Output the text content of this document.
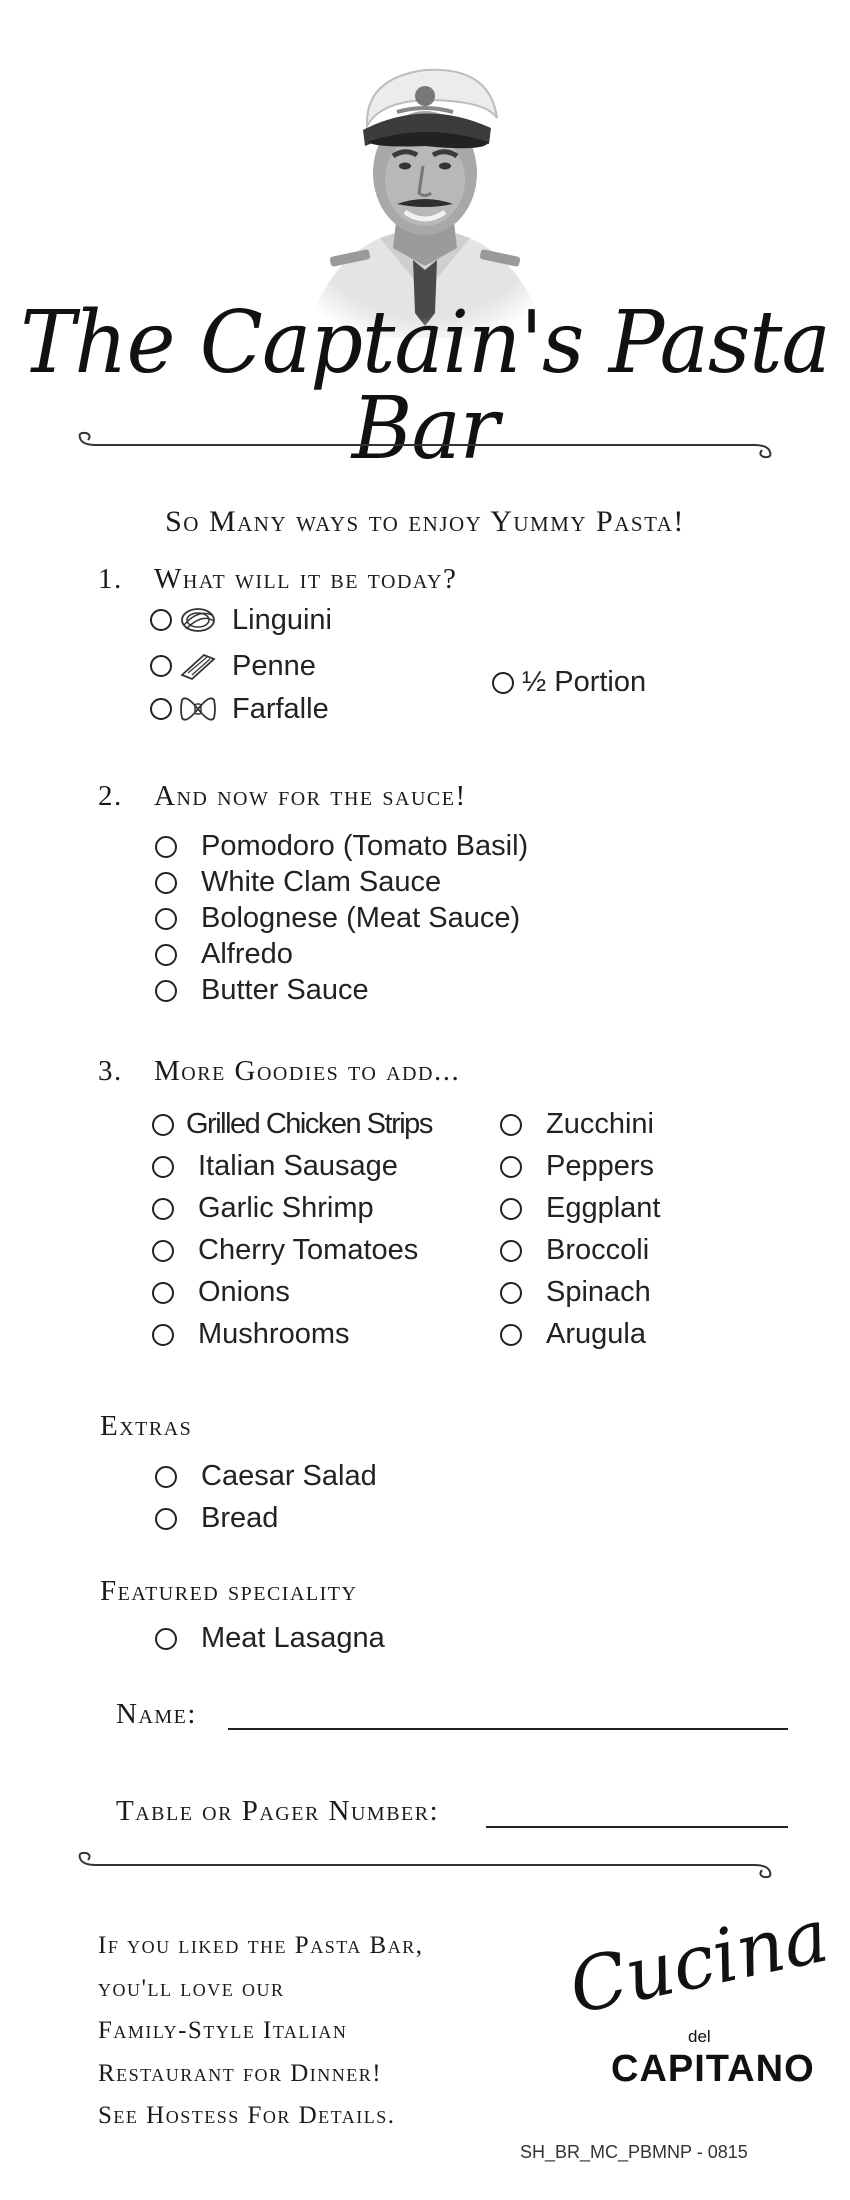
The Captain's Pasta Bar
So Many ways to enjoy Yummy Pasta!
1. What will it be today?
Linguini
Penne
Farfalle
½ Portion
2. And now for the sauce!
Pomodoro (Tomato Basil)
White Clam Sauce
Bolognese (Meat Sauce)
Alfredo
Butter Sauce
3. More Goodies to add...
Grilled Chicken Strips
Italian Sausage
Garlic Shrimp
Cherry Tomatoes
Onions
Mushrooms
Zucchini
Peppers
Eggplant
Broccoli
Spinach
Arugula
Extras
Caesar Salad
Bread
Featured speciality
Meat Lasagna
Name:
Table or Pager Number:
If you liked the Pasta Bar,
you'll love our
Family-Style Italian
Restaurant for Dinner!
See Hostess For Details.
Cucina
del
CAPITANO
SH_BR_MC_PBMNP - 0815
